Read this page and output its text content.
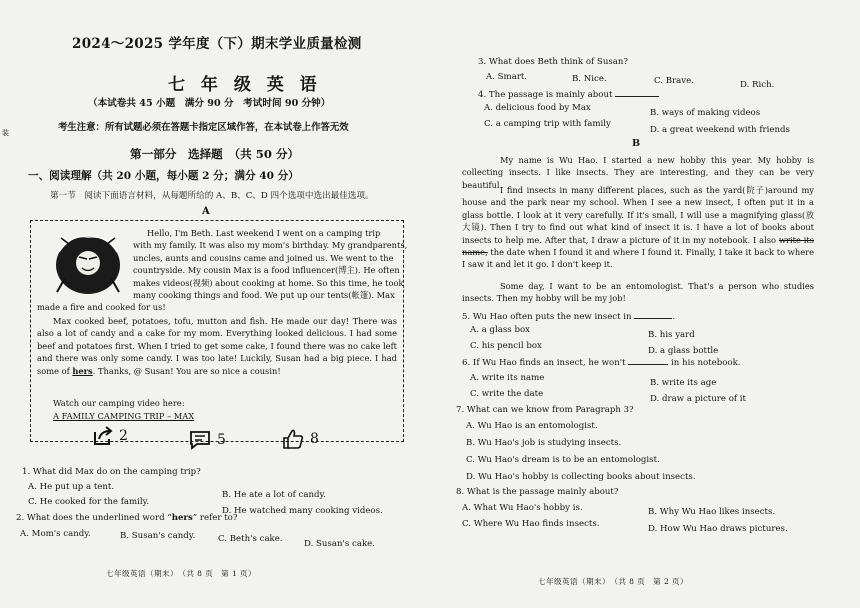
装
2024～2025 学年度（下）期末学业质量检测
七 年 级 英 语
（本试卷共 45 小题　满分 90 分　考试时间 90 分钟）
考生注意：所有试题必须在答题卡指定区域作答，在本试卷上作答无效
第一部分　选择题　（共 50 分）
一、阅读理解（共 20 小题，每小题 2 分；满分 40 分）
第一节　阅读下面语言材料，从每题所给的 A、B、C、D 四个选项中选出最佳选项。
A
Hello, I'm Beth. Last weekend I went on a camping trip
with my family. It was also my mom's birthday. My grandparents,
uncles, aunts and cousins came and joined us. We went to the
countryside. My cousin Max is a food influencer(博主). He often
makes videos(视频) about cooking at home. So this time, he took
many cooking things and food. We put up our tents(帐篷). Max
made a fire and cooked for us!
Max cooked beef, potatoes, tofu, mutton and fish. He made our day! There was also a lot of candy and a cake for my mom. Everything looked delicious. I had some beef and potatoes first. When I tried to get some cake, I found there was no cake left and there was only some candy. I was too late! Luckily, Susan had a big piece. I had some of hers. Thanks, @ Susan! You are so nice a cousin!
Watch our camping video here:
A FAMILY CAMPING TRIP – MAX
2	5	8
1. What did Max do on the camping trip?
A. He put up a tent.
B. He ate a lot of candy.
C. He cooked for the family.
D. He watched many cooking videos.
2. What does the underlined word “hers” refer to?
A. Mom's candy.	B. Susan's candy.	C. Beth's cake. D. Susan's cake.
七年级英语（期末）　（共 8 页　第 1 页）
3. What does Beth think of Susan?
A. Smart.	B. Nice.	C. Brave.	D. Rich.
4. The passage is mainly about
A. delicious food by Max	B. ways of making videos
C. a camping trip with family
D. a great weekend with friends
B
My name is Wu Hao. I started a new hobby this year. My hobby is collecting insects. I like insects. They are interesting, and they can be very beautiful.
I find insects in many different places, such as the yard(院子)around my house and the park near my school. When I see a new insect, I often put it in a glass bottle. I look at it very carefully. If it's small, I will use a magnifying glass(放大镜). Then I try to find out what kind of insect it is. I have a lot of books about insects to help me. After that, I draw a picture of it in my notebook. I also write its name, the date when I found it and where I found it. Finally, I take it back to where I saw it and let it go. I don't keep it.
Some day, I want to be an entomologist. That's a person who studies insects. Then my hobby will be my job!
5. Wu Hao often puts the new insect in	.
A. a glass box	B. his yard
C. his pencil box	D. a glass bottle
6. If Wu Hao finds an insect, he won't	in his notebook.
A. write its name	B. write its age
C. write the date	D. draw a picture of it
7. What can we know from Paragraph 3?
A. Wu Hao is an entomologist.
B. Wu Hao's job is studying insects.
C. Wu Hao's dream is to be an entomologist.
D. Wu Hao's hobby is collecting books about insects.
8. What is the passage mainly about?
A. What Wu Hao's hobby is.	B. Why Wu Hao likes insects.
C. Where Wu Hao finds insects.	D. How Wu Hao draws pictures.
七年级英语（期末）　（共 8 页　第 2 页）
